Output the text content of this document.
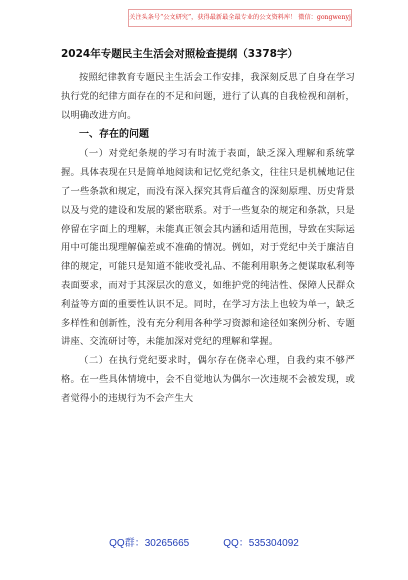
关注头条号“公文研究”，获得最新最全最专业的公文资料库！ 微信：gongwenyj
2024年专题民主生活会对照检查提纲（3378字）
按照纪律教育专题民主生活会工作安排，我深刻反思了自身在学习执行党的纪律方面存在的不足和问题，进行了认真的自我检视和剖析，以明确改进方向。
一、存在的问题
（一）对党纪条规的学习有时流于表面，缺乏深入理解和系统掌握。具体表现在只是简单地阅读和记忆党纪条文，往往只是机械地记住了一些条款和规定，而没有深入探究其背后蕴含的深刻原理、历史背景以及与党的建设和发展的紧密联系。对于一些复杂的规定和条款，只是停留在字面上的理解，未能真正领会其内涵和适用范围，导致在实际运用中可能出现理解偏差或不准确的情况。例如，对于党纪中关于廉洁自律的规定，可能只是知道不能收受礼品、不能利用职务之便谋取私利等表面要求，而对于其深层次的意义，如维护党的纯洁性、保障人民群众利益等方面的重要性认识不足。同时，在学习方法上也较为单一，缺乏多样性和创新性，没有充分利用各种学习资源和途径如案例分析、专题讲座、交流研讨等，未能加深对党纪的理解和掌握。
（二）在执行党纪要求时，偶尔存在侥幸心理，自我约束不够严格。在一些具体情境中，会不自觉地认为偶尔一次违规不会被发现，或者觉得小的违规行为不会产生大
QQ群：30265665	QQ：535304092
